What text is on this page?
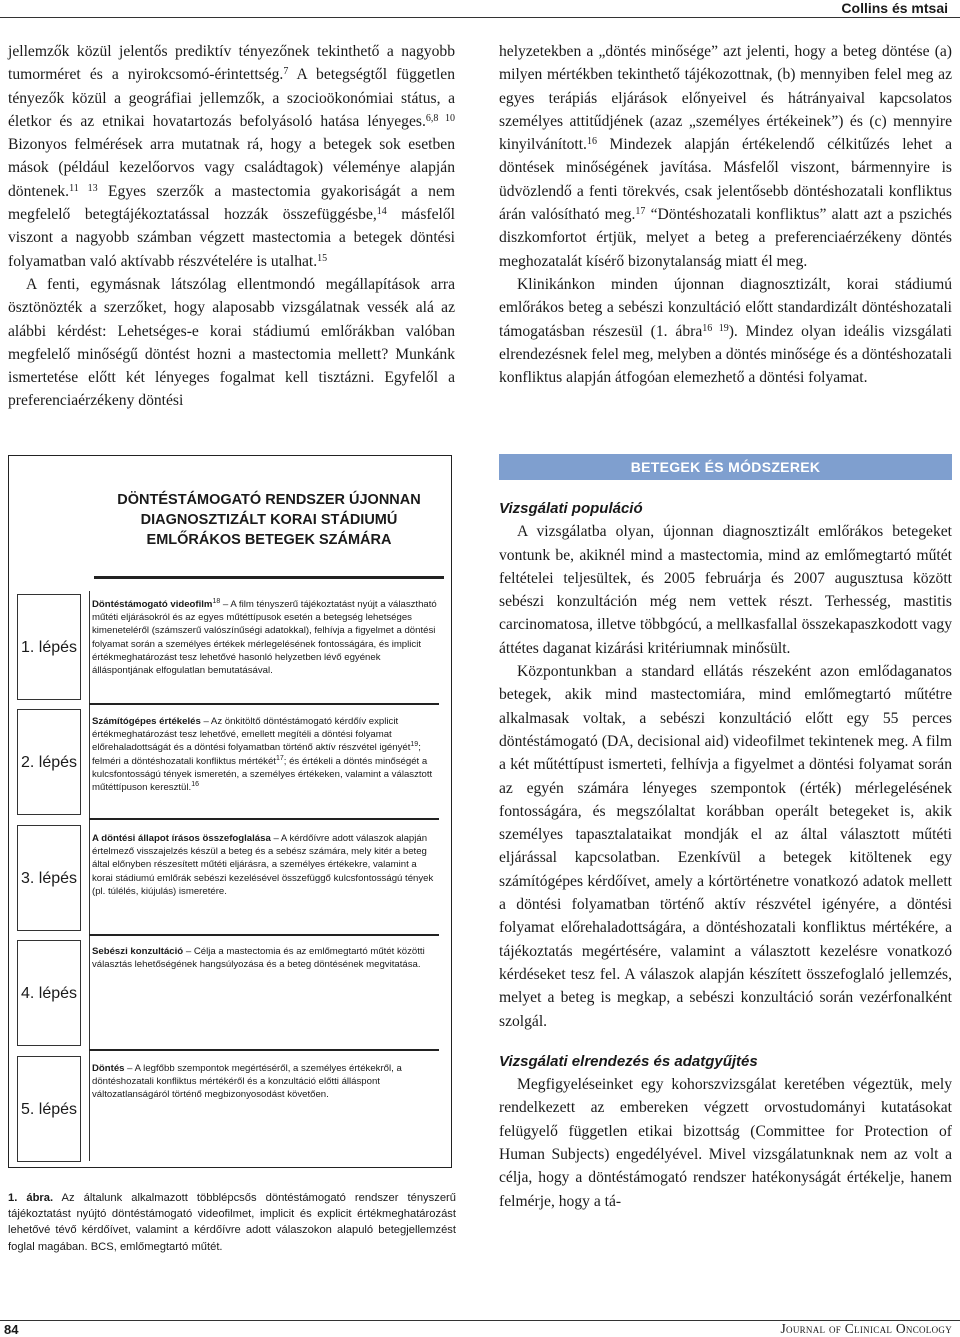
Collins és mtsai

jellemzők közül jelentős prediktív tényezőnek tekinthető a nagyobb tumorméret és a nyirokcsomó-érintettség.$^7$ A betegségtől független tényezők közül a geográfiai jellemzők, a szocioökonómiai státus, a életkor és az etnikai hovatartozás befolyásoló hatása lényeges.$^{6,8 10}$ Bizonyos felmérések arra mutatnak rá, hogy a betegek sok esetben mások (például kezelőorvos vagy családtagok) véleménye alapján döntenek.$^{11 13}$ Egyes szerzők a mastectomia gyakoriságát a nem megfelelő betegtájékoztatással hozzák összefüggésbe,$^{14}$ másfelől viszont a nagyobb számban végzett mastectomia a betegek döntési folyamatban való aktívabb részvételére is utalhat.$^{15}$

A fenti, egymásnak látszólag ellentmondó megállapítások arra ösztönözték a szerzőket, hogy alaposabb vizsgálatnak vessék alá az alábbi kérdést: Lehetséges-e korai stádiumú emlőrákban valóban megfelelő minőségű döntést hozni a mastectomia mellett? Munkánk ismertetése előtt két lényeges fogalmat kell tisztázni. Egyfelől a preferenciaérzékeny döntési

helyzetekben a „döntés minősége” azt jelenti, hogy a beteg döntése (a) milyen mértékben tekinthető tájékozottnak, (b) mennyiben felel meg az egyes terápiás eljárások előnyeivel és hátrányaival kapcsolatos személyes attitűdjének (azaz „személyes értékeinek”) és (c) mennyire kinyilvánított.$^{16}$ Mindezek alapján értékelendő célkitűzés lehet a döntések minőségének javítása. Másfelől viszont, bármennyire is üdvözlendő a fenti törekvés, csak jelentősebb döntéshozatali konfliktus árán valósítható meg.$^{17}$ “Döntéshozatali konfliktus” alatt azt a pszichés diszkomfortot értjük, melyet a beteg a preferenciaérzékeny döntés meghozatalát kísérő bizonytalanság miatt él meg.

Klinikánkon minden újonnan diagnosztizált, korai stádiumú emlőrákos beteg a sebészi konzultáció előtt standardizált döntéshozatali támogatásban részesül (1. ábra$^{16 19}$). Mindez olyan ideális vizsgálati elrendezésnek felel meg, melyben a döntés minősége és a döntéshozatali konfliktus alapján átfogóan elemezhető a döntési folyamat.

BETEGEK ÉS MÓDSZEREK

Vizsgálati populáció

A vizsgálatba olyan, újonnan diagnosztizált emlőrákos betegeket vontunk be, akiknél mind a mastectomia, mind az emlőmegtartó műtét feltételei teljesültek, és 2005 februárja és 2007 augusztusa között sebészi konzultáción még nem vettek részt. Terhesség, mastitis carcinomatosa, illetve többgócú, a mellkasfallal összekapaszkodott vagy áttétes daganat kizárási kritériumnak minősült.

Központunkban a standard ellátás részeként azon emlődaganatos betegek, akik mind mastectomiára, mind emlőmegtartó műtétre alkalmasak voltak, a sebészi konzultáció előtt egy 55 perces döntéstámogató (DA, decisional aid) videofilmet tekintenek meg. A film a két műtéttípust ismerteti, felhívja a figyelmet a döntési folyamat során az egyén számára lényeges szempontok (érték) mérlegelésének fontosságára, és megszólaltat korábban operált betegeket is, akik személyes tapasztalataikat mondják el az által választott műtéti eljárással kapcsolatban. Ezenkívül a betegek kitöltenek egy számítógépes kérdőívet, amely a kórtörténetre vonatkozó adatok mellett a döntési folyamatban történő aktív részvétel igényére, a döntési folyamat előrehaladottságára, a döntéshozatali konfliktus mértékére, a tájékoztatás megértésére, valamint a választott kezelésre vonatkozó kérdéseket tesz fel. A válaszok alapján készített összefoglaló jellemzés, melyet a beteg is megkap, a sebészi konzultáció során vezérfonalként szolgál.

Vizsgálati elrendezés és adatgyűjtés

Megfigyeléseinket egy kohorszvizsgálat keretében végeztük, mely rendelkezett az embereken végzett orvostudományi kutatásokat felügyelő független etikai bizottság (Committee for Protection of Human Subjects) engedélyével. Mivel vizsgálatunknak nem az volt a célja, hogy a döntéstámogató rendszer hatékonyságát értékelje, hanem felmérje, hogy a tá-

DÖNTÉSTÁMOGATÓ RENDSZER ÚJONNAN DIAGNOSZTIZÁLT KORAI STÁDIUMÚ EMLŐRÁKOS BETEGEK SZÁMÁRA
1. lépés
Döntéstámogató videofilm$^{18}$ – A film tényszerű tájékoztatást nyújt a választható műtéti eljárásokról és az egyes műtéttípusok esetén a betegség lehetséges kimeneteléről (számszerű valószínűségi adatokkal), felhívja a figyelmet a döntési folyamat során a személyes értékek mérlegelésének fontosságára, és implicit értékmeghatározást tesz lehetővé hasonló helyzetben lévő egyének álláspontjának elfogulatlan bemutatásával.
2. lépés
Számítógépes értékelés – Az önkitöltő döntéstámogató kérdőív explicit értékmeghatározást tesz lehetővé, emellett megítéli a döntési folyamat előrehaladottságát és a döntési folyamatban történő aktív részvétel igényét$^{19}$; felméri a döntéshozatali konfliktus mértékét$^{17}$; és értékeli a döntés minőségét a kulcsfontosságú tények ismeretén, a személyes értékeken, valamint a választott műtéttípuson keresztül.$^{16}$
3. lépés
A döntési állapot írásos összefoglalása – A kérdőívre adott válaszok alapján értelmező visszajelzés készül a beteg és a sebész számára, mely kitér a beteg által előnyben részesített műtéti eljárásra, a személyes értékekre, valamint a korai stádiumú emlőrák sebészi kezelésével összefüggő kulcsfontosságú tények (pl. túlélés, kiújulás) ismeretére.
4. lépés
Sebészi konzultáció – Célja a mastectomia és az emlőmegtartó műtét közötti választás lehetőségének hangsúlyozása és a beteg döntésének megvitatása.
5. lépés
Döntés – A legfőbb szempontok megértéséről, a személyes értékekről, a döntéshozatali konfliktus mértékéről és a konzultáció előtti álláspont változatlanságáról történő megbizonyosodást követően.
1. ábra. Az általunk alkalmazott többlépcsős döntéstámogató rendszer tényszerű tájékoztatást nyújtó döntéstámogató videofilmet, implicit és explicit értékmeghatározást lehetővé tévő kérdőívet, valamint a kérdőívre adott válaszokon alapuló betegjellemzést foglal magában. BCS, emlőmegtartó műtét.
84	Journal of Clinical Oncology
